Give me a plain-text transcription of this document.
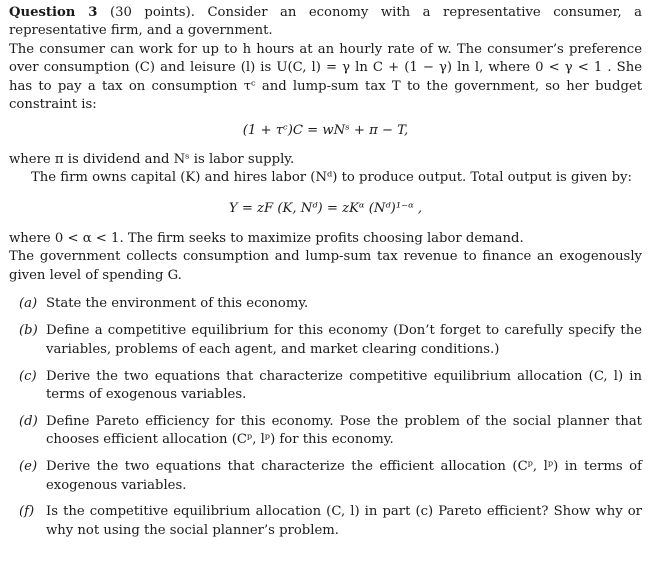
Question 3 (30 points). Consider an economy with a representative consumer, a representative firm, and a government.

The consumer can work for up to h hours at an hourly rate of w. The consumer’s preference over consumption (C) and leisure (l) is U(C, l) = γ ln C + (1 − γ) ln l, where 0 < γ < 1 . She has to pay a tax on consumption τᶜ and lump-sum tax T to the government, so her budget constraint is:

(1 + τᶜ)C = wNˢ + π − T,

where π is dividend and Nˢ is labor supply.

The firm owns capital (K) and hires labor (Nᵈ) to produce output. Total output is given by:

Y = zF (K, Nᵈ) = zKᵅ (Nᵈ)¹⁻ᵅ ,

where 0 < α < 1. The firm seeks to maximize profits choosing labor demand.

The government collects consumption and lump-sum tax revenue to finance an exogenously given level of spending G.

(a) State the environment of this economy.
(b) Define a competitive equilibrium for this economy (Don’t forget to carefully specify the variables, problems of each agent, and market clearing conditions.)
(c) Derive the two equations that characterize competitive equilibrium allocation (C, l) in terms of exogenous variables.
(d) Define Pareto efficiency for this economy. Pose the problem of the social planner that chooses efficient allocation (Cᵖ, lᵖ) for this economy.
(e) Derive the two equations that characterize the efficient allocation (Cᵖ, lᵖ) in terms of exogenous variables.
(f) Is the competitive equilibrium allocation (C, l) in part (c) Pareto efficient? Show why or why not using the social planner’s problem.
